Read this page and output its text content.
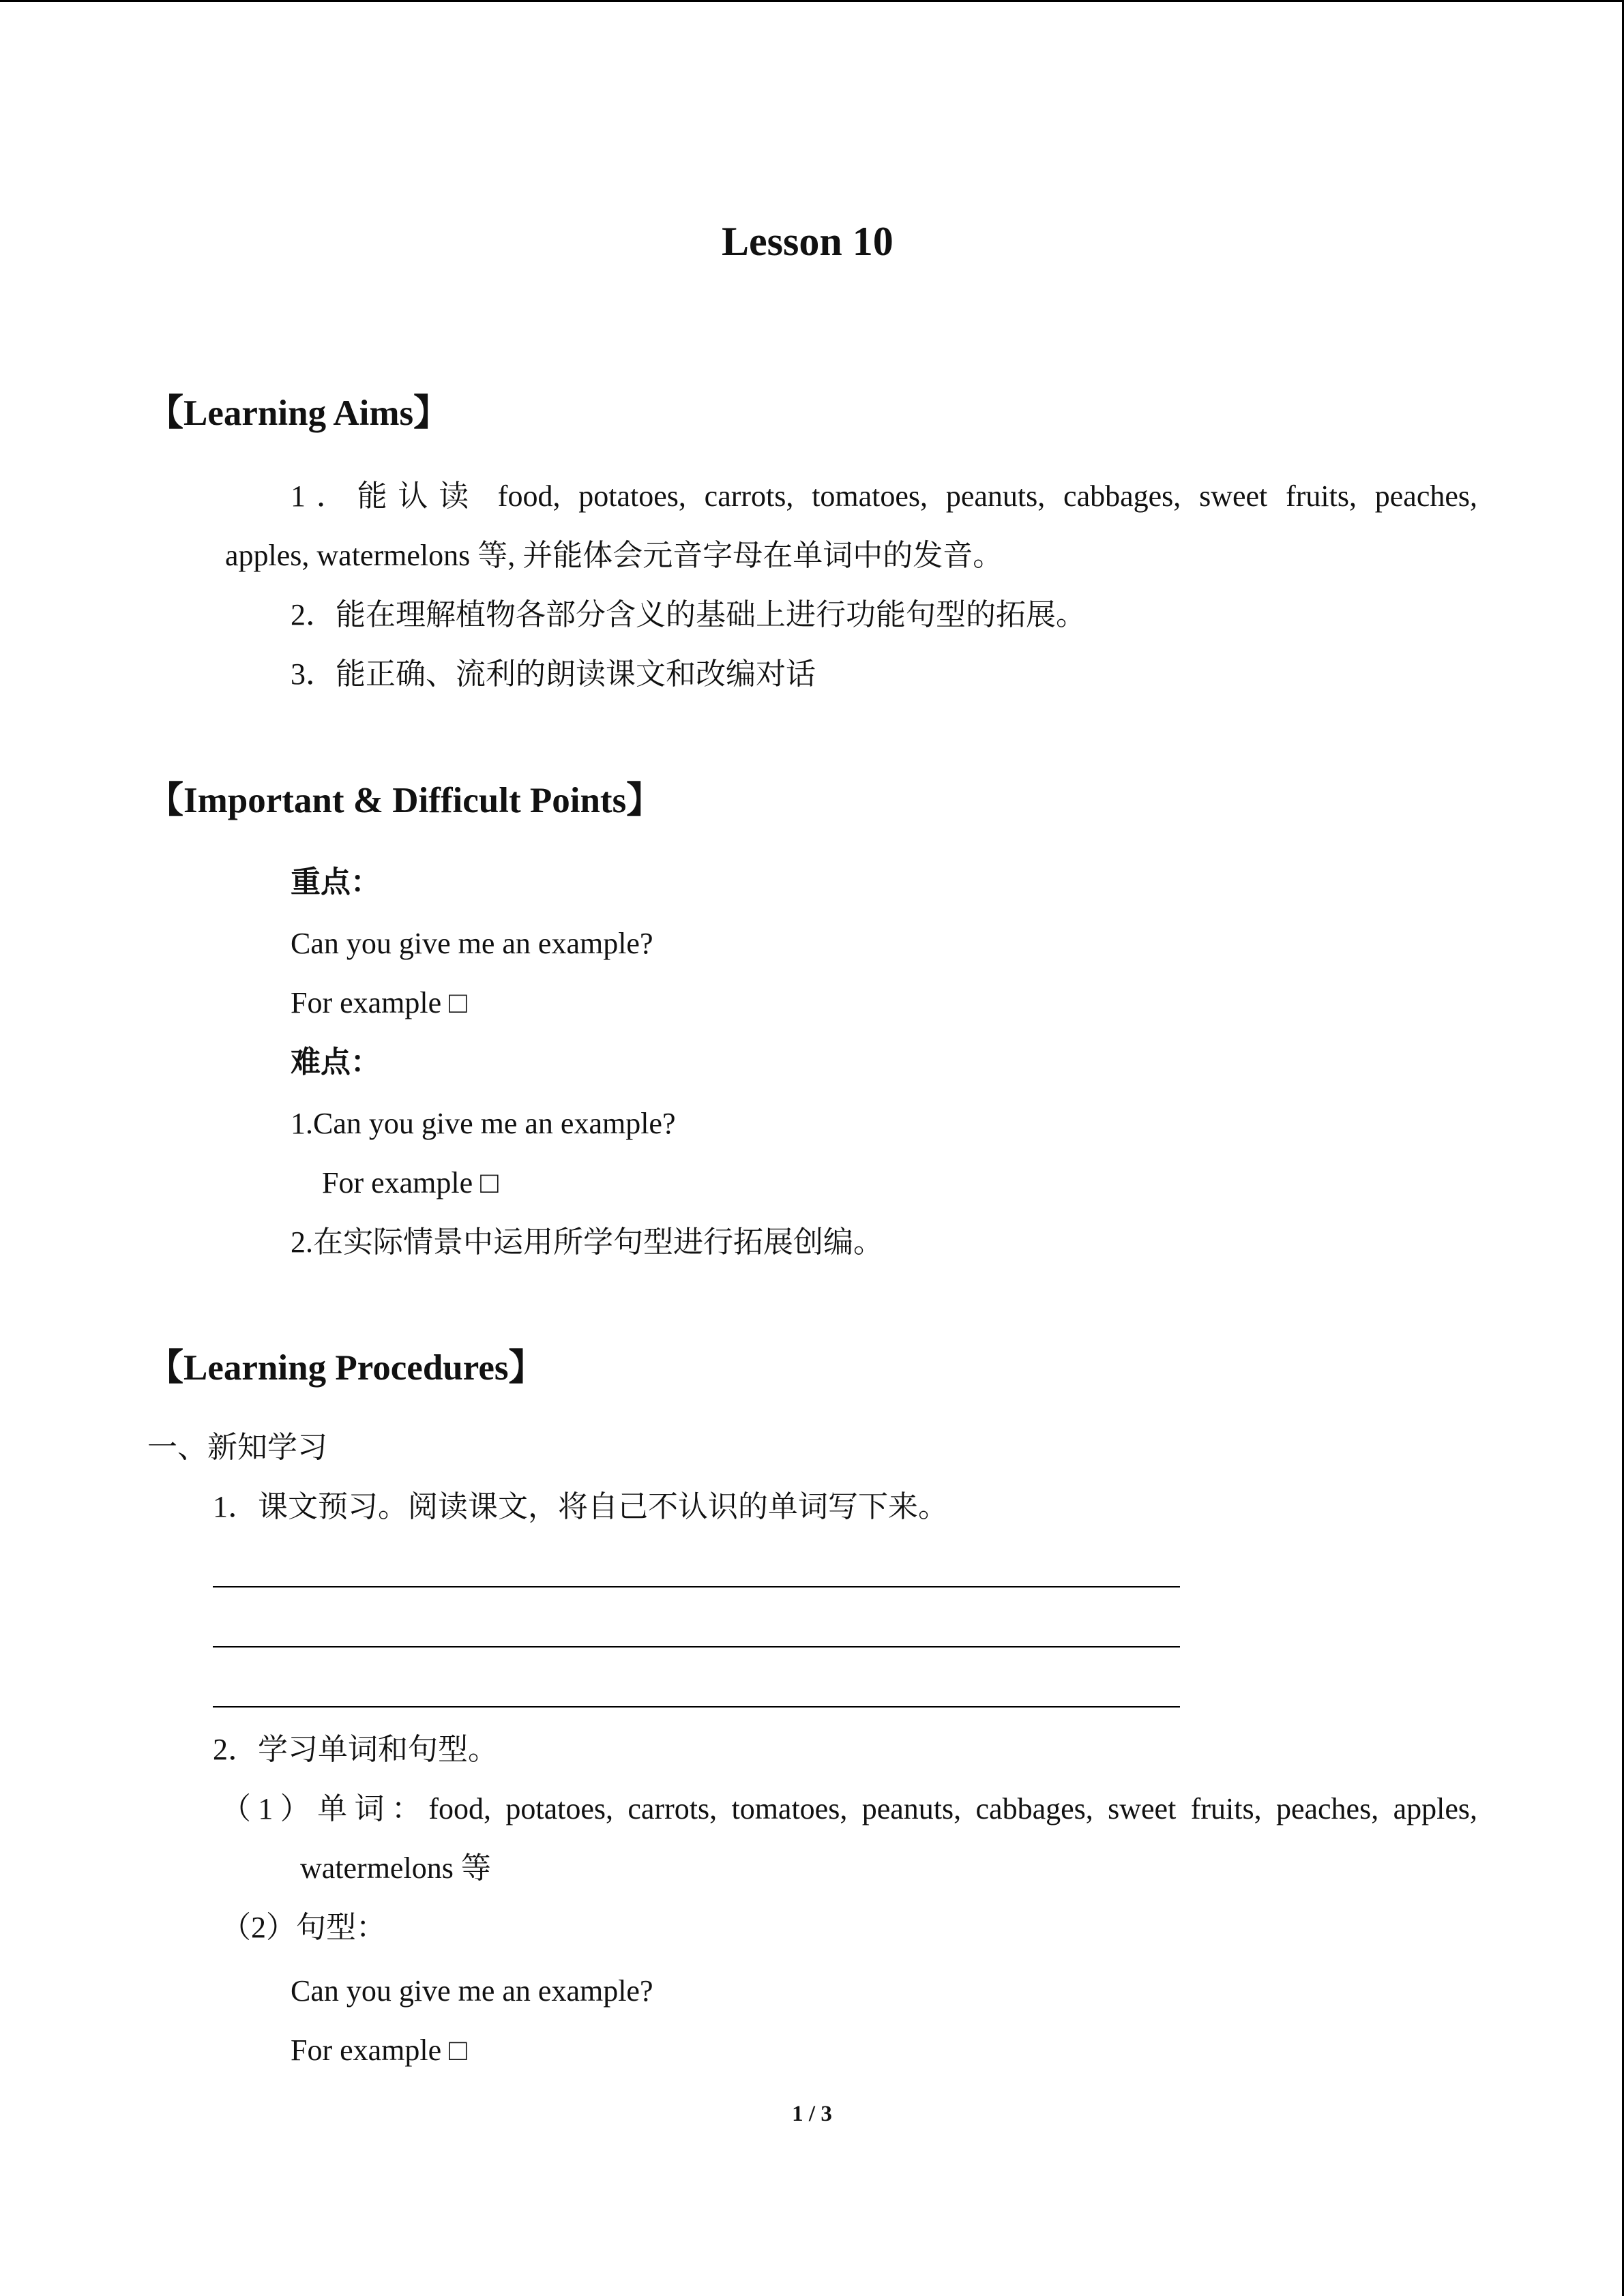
Lesson 10
【Learning Aims】
1．能认读 food, potatoes, carrots, tomatoes, peanuts, cabbages, sweet fruits, peaches,
apples, watermelons 等, 并能体会元音字母在单词中的发音。
2．能在理解植物各部分含义的基础上进行功能句型的拓展。
3．能正确、流利的朗读课文和改编对话
【Important & Difficult Points】
重点：
Can you give me an example?
For example □
难点：
1.Can you give me an example?
For example □
2.在实际情景中运用所学句型进行拓展创编。
【Learning Procedures】
一、新知学习
1．课文预习。阅读课文，将自己不认识的单词写下来。
2．学习单词和句型。
（1）单词：food, potatoes, carrots, tomatoes, peanuts, cabbages, sweet fruits, peaches, apples,
watermelons 等
（2）句型：
Can you give me an example?
For example □
1 / 3
